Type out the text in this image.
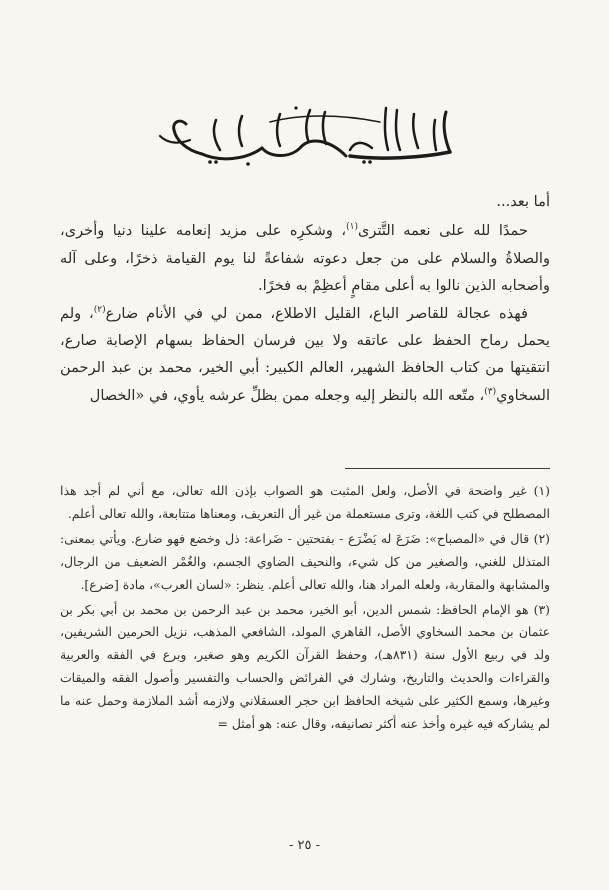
أما بعد...

حمدًا لله على نعمه التَّترى$^{(١)}$، وشكرِه على مزيد إنعامه علينا دنيا وأخرى، والصلاةُ والسلام على من جعل دعوته شفاعةً لنا يوم القيامة ذخرًا، وعلى آله وأصحابه الذين نالوا به أعلى مقامٍ أعظِمْ به فخرًا.

فهذه عجالة للقاصر الباع، القليل الاطلاع، ممن لي في الأنام ضارع$^{(٢)}$، ولم يحمل رماح الحفظ على عاتقه ولا بين فرسان الحفاظ بسهام الإصابة صارع، انتقيتها من كتاب الحافظ الشهير، العالم الكبير: أبي الخير، محمد بن عبد الرحمن السخاوي$^{(٣)}$، متّعه الله بالنظر إليه وجعله ممن بظلِّ عرشه يأوي، في «الخصال

(١) غير واضحة في الأصل، ولعل المثبت هو الصواب بإذن الله تعالى، مع أني لم أجد هذا المصطلح في كتب اللغة، وترى مستعملة من غير أل التعريف، ومعناها متتابعة، والله تعالى أعلم.

(٢) قال في «المصباح»: ضَرَعَ له يَضْرَع - بفتحتين - ضَراعة: ذل وخضع فهو ضارع. ويأتي بمعنى: المتذلل للغني، والصغير من كل شيء، والنحيف الضاوي الجسم، والغُمْر الضعيف من الرجال، والمشابهة والمقاربة، ولعله المراد هنا، والله تعالى أعلم. ينظر: «لسان العرب»، مادة [ضرع].

(٣) هو الإمام الحافظ: شمس الدين، أبو الخير، محمد بن عبد الرحمن بن محمد بن أبي بكر بن عثمان بن محمد السخاوي الأصل، القاهري المولد، الشافعي المذهب، نزيل الحرمين الشريفين، ولد في ربيع الأول سنة (٨٣١هـ)، وحفظ القرآن الكريم وهو صغير، وبرع في الفقه والعربية والقراءات والحديث والتاريخ، وشارك في الفرائض والحساب والتفسير وأصول الفقه والميقات وغيرها، وسمع الكثير على شيخه الحافظ ابن حجر العسقلاني ولازمه أشد الملازمة وحمل عنه ما لم يشاركه فيه غيره وأخذ عنه أكثر تصانيفه، وقال عنه: هو أمثل =

- ٢٥ -
